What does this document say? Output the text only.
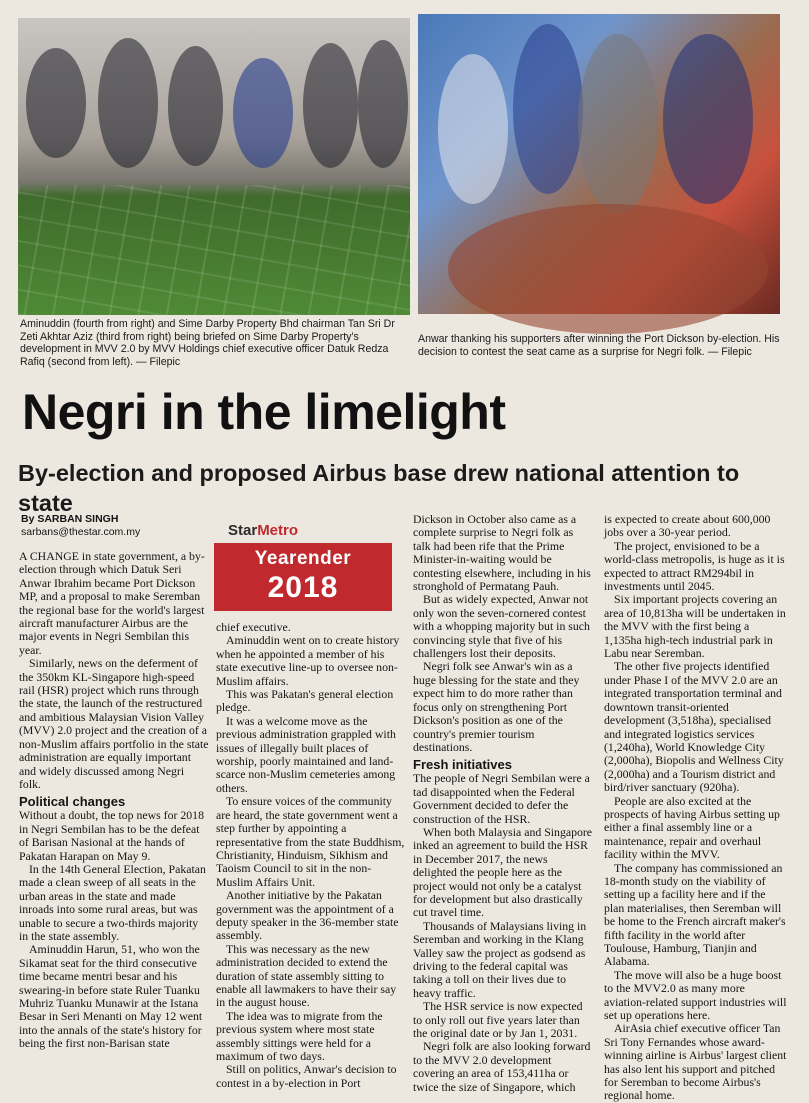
Aminuddin (fourth from right) and Sime Darby Property Bhd chairman Tan Sri Dr Zeti Akhtar Aziz (third from right) being briefed on Sime Darby Property's development in MVV 2.0 by MVV Holdings chief executive officer Datuk Redza Rafiq (second from left). — Filepic

Anwar thanking his supporters after winning the Port Dickson by-election. His decision to contest the seat came as a surprise for Negri folk. — Filepic

Negri in the limelight
By-election and proposed Airbus base drew national attention to state
By SARBAN SINGH
sarbans@thestar.com.my	StarMetro

Yearender
2018

A CHANGE in state government, a by-election through which Datuk Seri Anwar Ibrahim became Port Dickson MP, and a proposal to make Seremban the regional base for the world's largest aircraft manufacturer Airbus are the major events in Negri Sembilan this year.

Similarly, news on the deferment of the 350km KL-Singapore high-speed rail (HSR) project which runs through the state, the launch of the restructured and ambitious Malaysian Vision Valley (MVV) 2.0 project and the creation of a non-Muslim affairs portfolio in the state administration are equally important and widely discussed among Negri folk.

Political changes

Without a doubt, the top news for 2018 in Negri Sembilan has to be the defeat of Barisan Nasional at the hands of Pakatan Harapan on May 9.

In the 14th General Election, Pakatan made a clean sweep of all seats in the urban areas in the state and made inroads into some rural areas, but was unable to secure a two-thirds majority in the state assembly.

Aminuddin Harun, 51, who won the Sikamat seat for the third consecutive time became mentri besar and his swearing-in before state Ruler Tuanku Muhriz Tuanku Munawir at the Istana Besar in Seri Menanti on May 12 went into the annals of the state's history for being the first non-Barisan state

chief executive.

Aminuddin went on to create history when he appointed a member of his state executive line-up to oversee non-Muslim affairs.

This was Pakatan's general election pledge.

It was a welcome move as the previous administration grappled with issues of illegally built places of worship, poorly maintained and land-scarce non-Muslim cemeteries among others.

To ensure voices of the community are heard, the state government went a step further by appointing a representative from the state Buddhism, Christianity, Hinduism, Sikhism and Taoism Council to sit in the non-Muslim Affairs Unit.

Another initiative by the Pakatan government was the appointment of a deputy speaker in the 36-member state assembly.

This was necessary as the new administration decided to extend the duration of state assembly sitting to enable all lawmakers to have their say in the august house.

The idea was to migrate from the previous system where most state assembly sittings were held for a maximum of two days.

Still on politics, Anwar's decision to contest in a by-election in Port

Dickson in October also came as a complete surprise to Negri folk as talk had been rife that the Prime Minister-in-waiting would be contesting elsewhere, including in his stronghold of Permatang Pauh.

But as widely expected, Anwar not only won the seven-cornered contest with a whopping majority but in such convincing style that five of his challengers lost their deposits.

Negri folk see Anwar's win as a huge blessing for the state and they expect him to do more rather than focus only on strengthening Port Dickson's position as one of the country's premier tourism destinations.

Fresh initiatives

The people of Negri Sembilan were a tad disappointed when the Federal Government decided to defer the construction of the HSR.

When both Malaysia and Singapore inked an agreement to build the HSR in December 2017, the news delighted the people here as the project would not only be a catalyst for development but also drastically cut travel time.

Thousands of Malaysians living in Seremban and working in the Klang Valley saw the project as godsend as driving to the federal capital was taking a toll on their lives due to heavy traffic.

The HSR service is now expected to only roll out five years later than the original date or by Jan 1, 2031.

Negri folk are also looking forward to the MVV 2.0 development covering an area of 153,411ha or twice the size of Singapore, which

is expected to create about 600,000 jobs over a 30-year period.

The project, envisioned to be a world-class metropolis, is huge as it is expected to attract RM294bil in investments until 2045.

Six important projects covering an area of 10,813ha will be undertaken in the MVV with the first being a 1,135ha high-tech industrial park in Labu near Seremban.

The other five projects identified under Phase I of the MVV 2.0 are an integrated transportation terminal and downtown transit-oriented development (3,518ha), specialised and integrated logistics services (1,240ha), World Knowledge City (2,000ha), Biopolis and Wellness City (2,000ha) and a Tourism district and bird/river sanctuary (920ha).

People are also excited at the prospects of having Airbus setting up either a final assembly line or a maintenance, repair and overhaul facility within the MVV.

The company has commissioned an 18-month study on the viability of setting up a facility here and if the plan materialises, then Seremban will be home to the French aircraft maker's fifth facility in the world after Toulouse, Hamburg, Tianjin and Alabama.

The move will also be a huge boost to the MVV2.0 as many more aviation-related support industries will set up operations here.

AirAsia chief executive officer Tan Sri Tony Fernandes whose award-winning airline is Airbus' largest client has also lent his support and pitched for Seremban to become Airbus's regional home.
